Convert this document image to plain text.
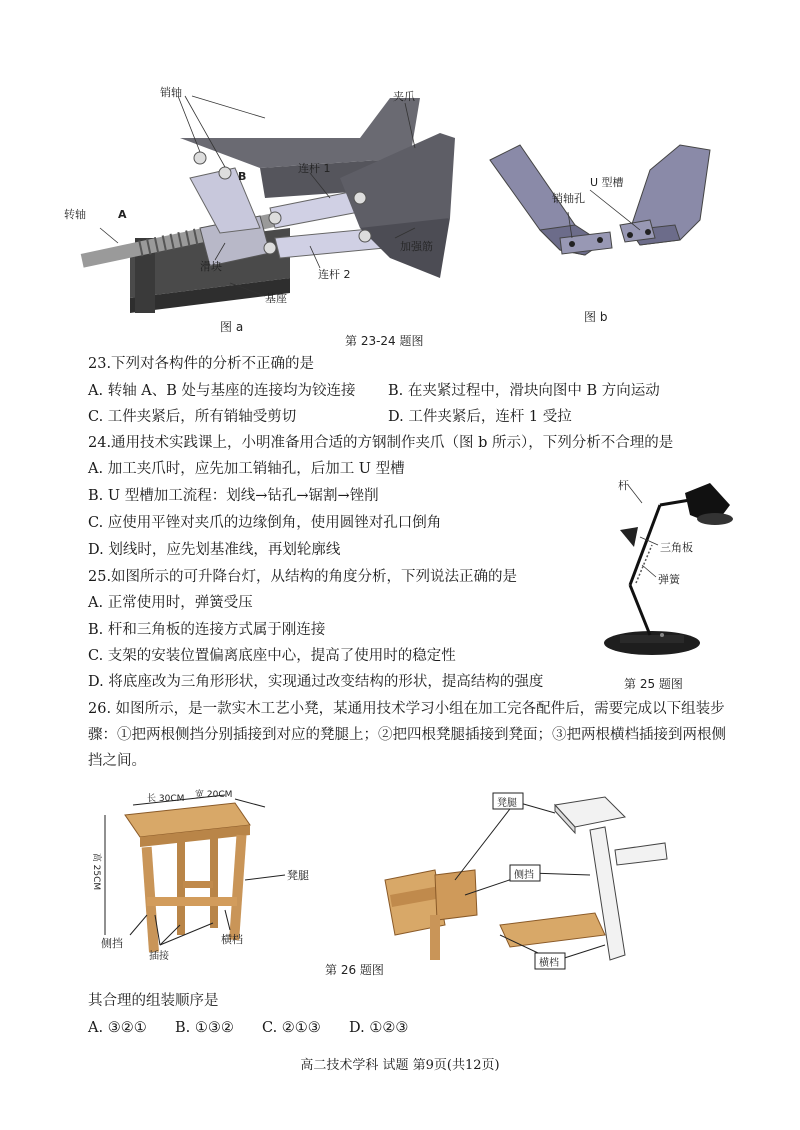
销轴	夹爪
连杆 1
转轴	A
B
滑块
加强筋
连杆 2
基座
图 a
销轴孔
U 型槽
图 b
第 23-24 题图
23.下列对各构件的分析不正确的是
A. 转轴 A、B 处与基座的连接均为铰连接 B. 在夹紧过程中，滑块向图中 B 方向运动
C. 工件夹紧后，所有销轴受剪切	D. 工件夹紧后，连杆 1 受拉
24.通用技术实践课上，小明准备用合适的方钢制作夹爪（图 b 所示），下列分析不合理的是
A. 加工夹爪时，应先加工销轴孔，后加工 U 型槽
B. U 型槽加工流程：划线→钻孔→锯割→锉削
C. 应使用平锉对夹爪的边缘倒角，使用圆锉对孔口倒角
D. 划线时，应先划基准线，再划轮廓线
杆
三角板
弹簧
第 25 题图
25.如图所示的可升降台灯，从结构的角度分析，下列说法正确的是
A. 正常使用时，弹簧受压
B. 杆和三角板的连接方式属于刚连接
C. 支架的安装位置偏离底座中心，提高了使用时的稳定性
D. 将底座改为三角形形状，实现通过改变结构的形状，提高结构的强度
26. 如图所示，是一款实木工艺小凳，某通用技术学习小组在加工完各配件后，需要完成以下组装步骤：①把两根侧挡分别插接到对应的凳腿上；②把四根凳腿插接到凳面；③把两根横档插接到两根侧挡之间。
长 30CM 宽 20CM
高 25CM	凳腿
侧挡
插接
横档
凳腿
侧挡
横档
第 26 题图
其合理的组装顺序是
A. ③②① B. ①③② C. ②①③ D. ①②③
高二技术学科 试题 第9页(共12页)
